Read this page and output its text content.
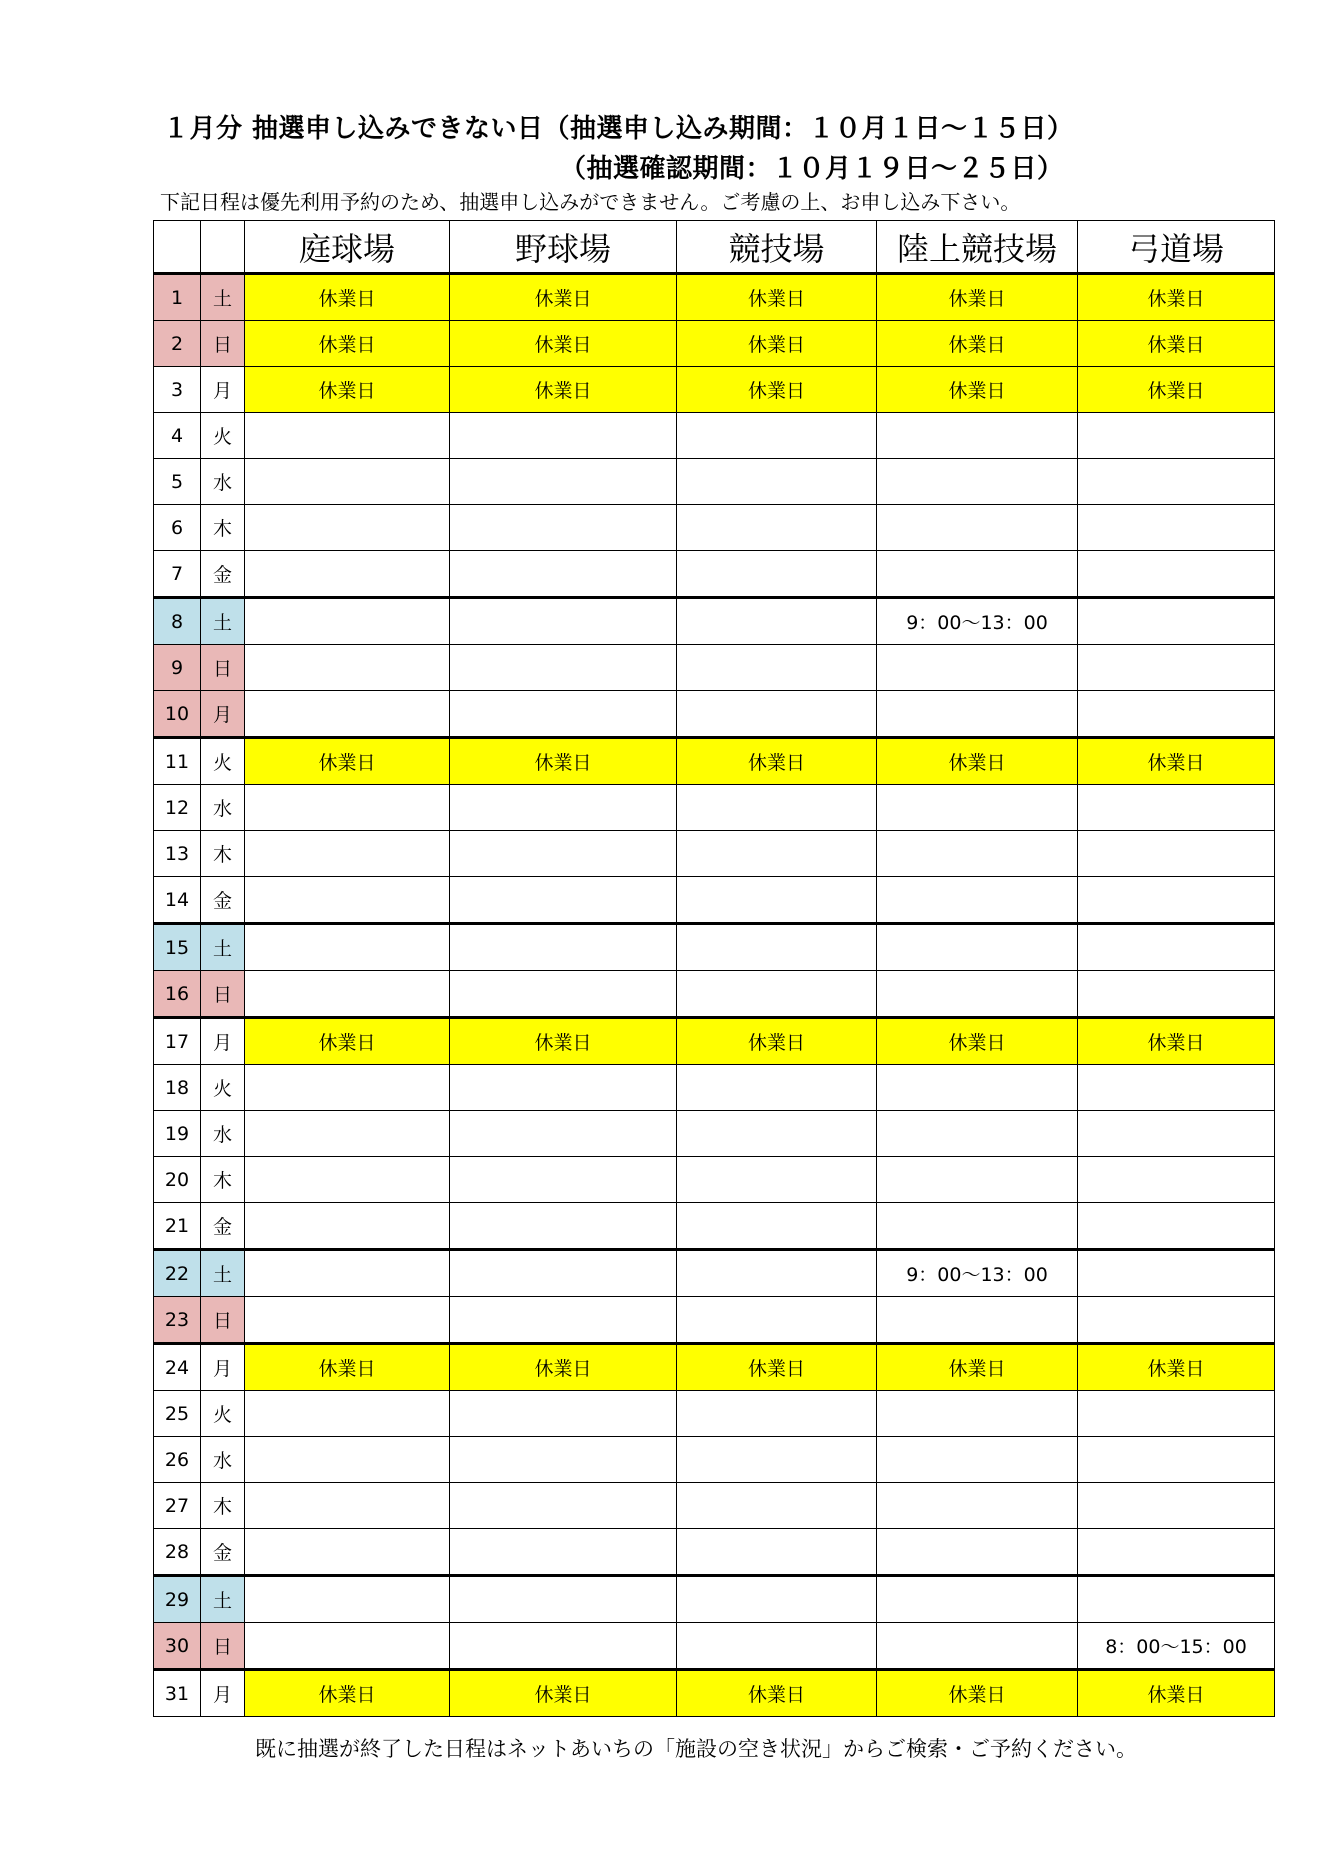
１月分 抽選申し込みできない日（抽選申し込み期間：１０月１日～１５日）
（抽選確認期間：１０月１９日～２５日）
下記日程は優先利用予約のため、抽選申し込みができません。ご考慮の上、お申し込み下さい。
		庭球場	野球場	競技場	陸上競技場	弓道場
1	土	休業日	休業日	休業日	休業日	休業日
2	日	休業日	休業日	休業日	休業日	休業日
3	月	休業日	休業日	休業日	休業日	休業日
4	火					
5	水					
6	木					
7	金					
8	土				9：00～13：00	
9	日					
10	月					
11	火	休業日	休業日	休業日	休業日	休業日
12	水					
13	木					
14	金					
15	土					
16	日					
17	月	休業日	休業日	休業日	休業日	休業日
18	火					
19	水					
20	木					
21	金					
22	土				9：00～13：00	
23	日					
24	月	休業日	休業日	休業日	休業日	休業日
25	火					
26	水					
27	木					
28	金					
29	土					
30	日					8：00～15：00
31	月	休業日	休業日	休業日	休業日	休業日
既に抽選が終了した日程はネットあいちの「施設の空き状況」からご検索・ご予約ください。
